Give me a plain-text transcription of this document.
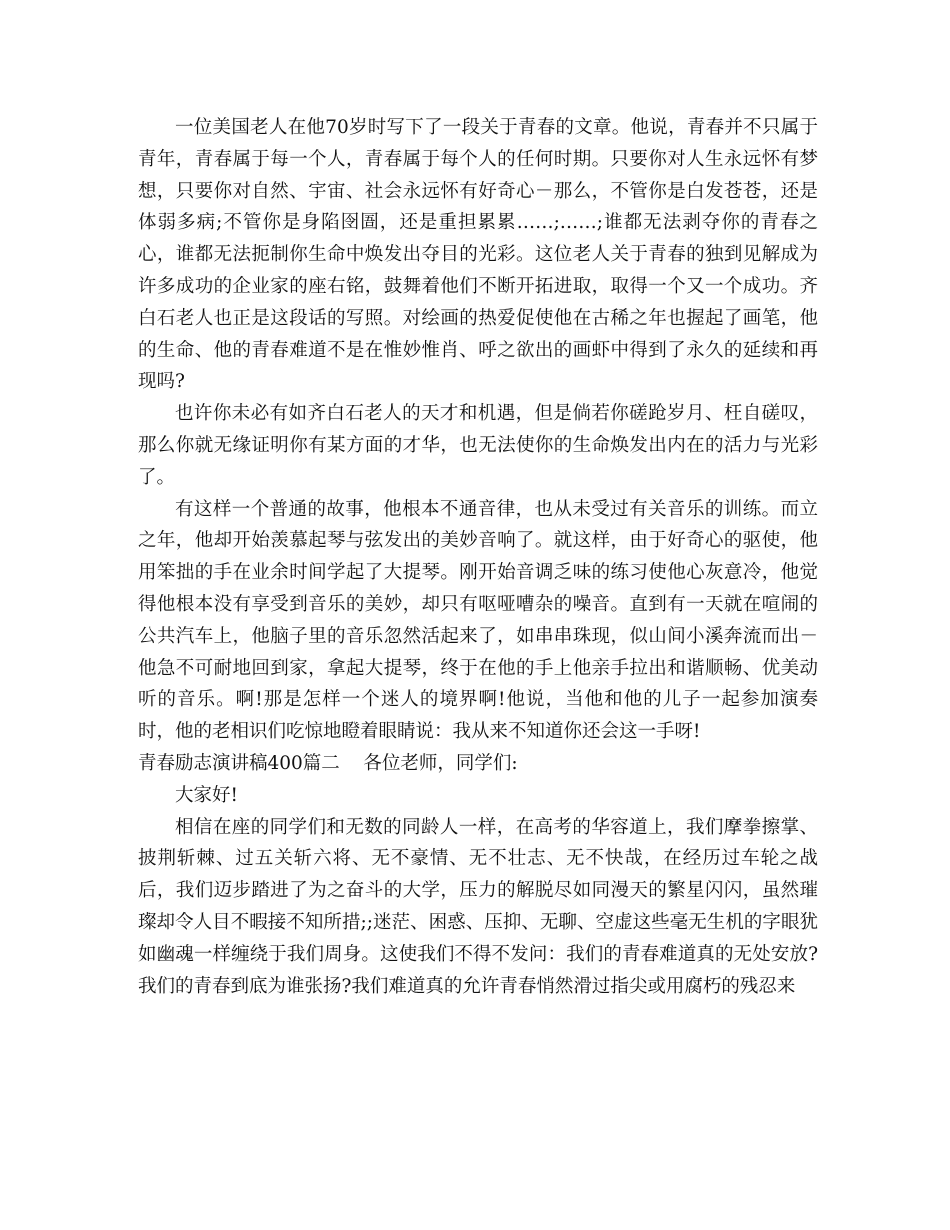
一位美国老人在他70岁时写下了一段关于青春的文章。他说，青春并不只属于青年，青春属于每一个人，青春属于每个人的任何时期。只要你对人生永远怀有梦想，只要你对自然、宇宙、社会永远怀有好奇心－那么，不管你是白发苍苍，还是体弱多病;不管你是身陷囹圄，还是重担累累……;……;谁都无法剥夺你的青春之心，谁都无法扼制你生命中焕发出夺目的光彩。这位老人关于青春的独到见解成为许多成功的企业家的座右铭，鼓舞着他们不断开拓进取，取得一个又一个成功。齐白石老人也正是这段话的写照。对绘画的热爱促使他在古稀之年也握起了画笔，他的生命、他的青春难道不是在惟妙惟肖、呼之欲出的画虾中得到了永久的延续和再现吗?

也许你未必有如齐白石老人的天才和机遇，但是倘若你磋跄岁月、枉自磋叹，那么你就无缘证明你有某方面的才华，也无法使你的生命焕发出内在的活力与光彩了。

有这样一个普通的故事，他根本不通音律，也从未受过有关音乐的训练。而立之年，他却开始羡慕起琴与弦发出的美妙音响了。就这样，由于好奇心的驱使，他用笨拙的手在业余时间学起了大提琴。刚开始音调乏味的练习使他心灰意冷，他觉得他根本没有享受到音乐的美妙，却只有呕哑嘈杂的噪音。直到有一天就在喧闹的公共汽车上，他脑子里的音乐忽然活起来了，如串串珠现，似山间小溪奔流而出－他急不可耐地回到家，拿起大提琴，终于在他的手上他亲手拉出和谐顺畅、优美动听的音乐。啊!那是怎样一个迷人的境界啊!他说，当他和他的儿子一起参加演奏时，他的老相识们吃惊地瞪着眼睛说：我从来不知道你还会这一手呀!

青春励志演讲稿400篇二    各位老师，同学们:

大家好!

相信在座的同学们和无数的同龄人一样，在高考的华容道上，我们摩拳擦掌、披荆斩棘、过五关斩六将、无不豪情、无不壮志、无不快哉，在经历过车轮之战后，我们迈步踏进了为之奋斗的大学，压力的解脱尽如同漫天的繁星闪闪，虽然璀璨却令人目不暇接不知所措;;迷茫、困惑、压抑、无聊、空虚这些毫无生机的字眼犹如幽魂一样缠绕于我们周身。这使我们不得不发问：我们的青春难道真的无处安放?我们的青春到底为谁张扬?我们难道真的允许青春悄然滑过指尖或用腐朽的残忍来
